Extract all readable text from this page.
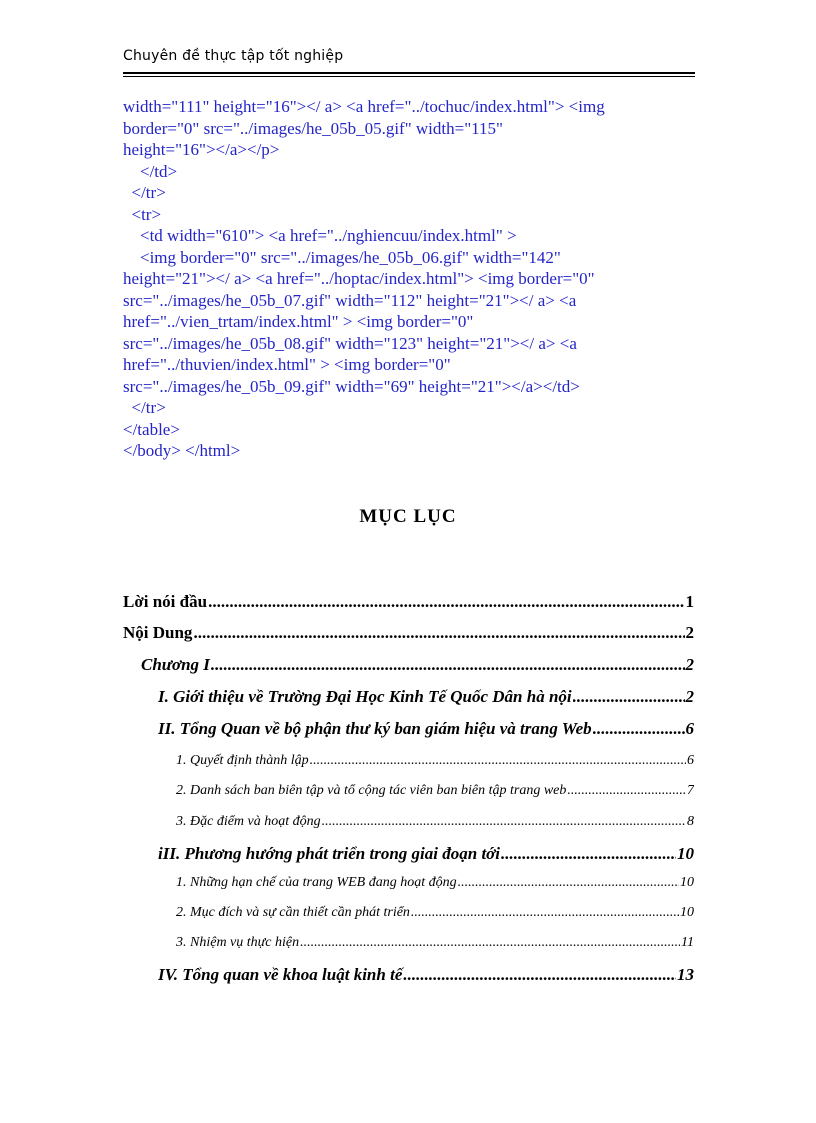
Chuyên đề thực tập tốt nghiệp
width="111" height="16"></ a> <a href="../tochuc/index.html"> <img
border="0" src="../images/he_05b_05.gif" width="115"
height="16"></a></p>
</td>
</tr>
<tr>
<td width="610"> <a href="../nghiencuu/index.html" >
<img border="0" src="../images/he_05b_06.gif" width="142"
height="21"></ a> <a href="../hoptac/index.html"> <img border="0"
src="../images/he_05b_07.gif" width="112" height="21"></ a> <a
href="../vien_trtam/index.html" > <img border="0"
src="../images/he_05b_08.gif" width="123" height="21"></ a> <a
href="../thuvien/index.html" > <img border="0"
src="../images/he_05b_09.gif" width="69" height="21"></a></td>
</tr>
</table>
</body> </html>
MỤC LỤC
Lời nói đầu .....	1
Nội Dung .....	2
Chương I .....	2
I. Giới thiệu về Trường Đại Học Kinh Tế Quốc Dân hà nội .....	2
II. Tổng Quan về bộ phận thư ký ban giám hiệu và trang Web .....	6
1. Quyết định thành lập .....	6
2. Danh sách ban biên tập và tổ cộng tác viên ban biên tập trang web .....	7
3. Đặc điểm và hoạt động .....	8
iII. Phương hướng phát triển trong giai đoạn tới .....	10
1. Những hạn chế của trang WEB đang hoạt động .....	10
2. Mục đích và sự cần thiết cần phát triển .....	10
3. Nhiệm vụ thực hiện .....	11
IV. Tổng quan về khoa luật kinh tế .....	13
